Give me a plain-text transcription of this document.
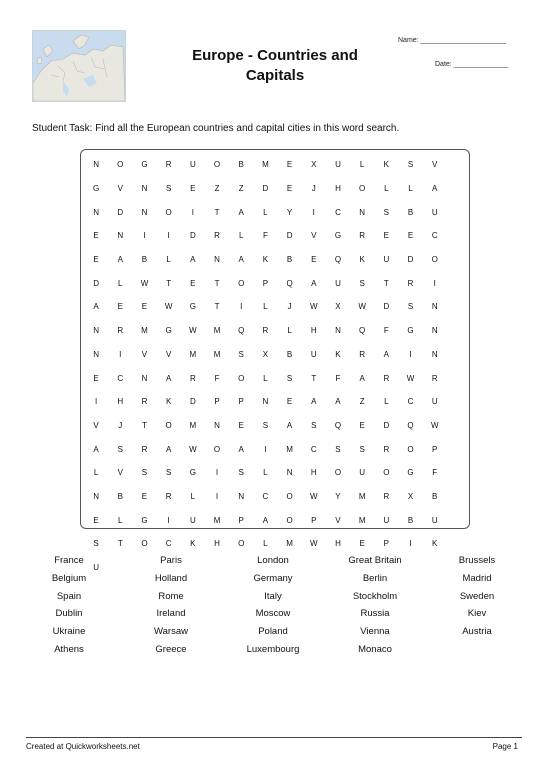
Europe - Countries and Capitals
Name: ______________________
Date: ______________
Student Task: Find all the European countries and capital cities in this word search.
N	O	G	R	U	O	B	M	E	X	U	L	K	S	V
G	V	N	S	E	Z	Z	D	E	J	H	O	L	L	A
N	D	N	O	I	T	A	L	Y	I	C	N	S	B	U
E	N	I	I	D	R	L	F	D	V	G	R	E	E	C
E	A	B	L	A	N	A	K	B	E	Q	K	U	D	O
D	L	W	T	E	T	O	P	Q	A	U	S	T	R	I
A	E	E	W	G	T	I	L	J	W	X	W	D	S	N
N	R	M	G	W	M	Q	R	L	H	N	Q	F	G	N
N	I	V	V	M	M	S	X	B	U	K	R	A	I	N
E	C	N	A	R	F	O	L	S	T	F	A	R	W	R
I	H	R	K	D	P	P	N	E	A	A	Z	L	C	U
V	J	T	O	M	N	E	S	A	S	Q	E	D	Q	W
A	S	R	A	W	O	A	I	M	C	S	S	R	O	P
L	V	S	S	G	I	S	L	N	H	O	U	O	G	F
N	B	E	R	L	I	N	C	O	W	Y	M	R	X	B
E	L	G	I	U	M	P	A	O	P	V	M	U	B	U
S	T	O	C	K	H	O	L	M	W	H	E	P	I	K
U
France	Paris	London	Great Britain	Brussels
Belgium	Holland	Germany	Berlin	Madrid
Spain	Rome	Italy	Stockholm	Sweden
Dublin	Ireland	Moscow	Russia	Kiev
Ukraine	Warsaw	Poland	Vienna	Austria
Athens	Greece	Luxembourg	Monaco
Created at Quickworksheets.net	Page 1
